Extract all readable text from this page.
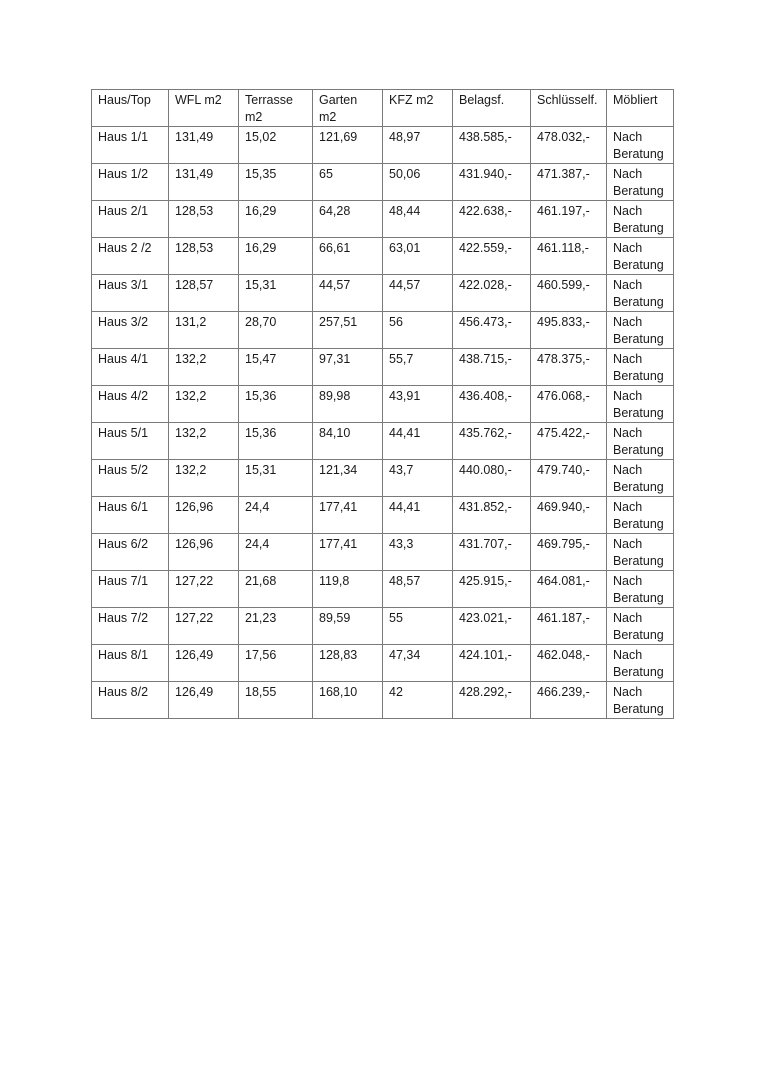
Haus/Top	WFL m2	Terrasse
m2	Garten
m2	KFZ m2	Belagsf.	Schlüsself.	Möbliert

Haus 1/1	131,49	15,02	121,69	48,97	438.585,-	478.032,-	Nach
Beratung

Haus 1/2	131,49	15,35	65	50,06	431.940,-	471.387,-	Nach
Beratung

Haus 2/1	128,53	16,29	64,28	48,44	422.638,-	461.197,-	Nach
Beratung

Haus 2 /2	128,53	16,29	66,61	63,01	422.559,-	461.118,-	Nach
Beratung

Haus 3/1	128,57	15,31	44,57	44,57	422.028,-	460.599,-	Nach
Beratung

Haus 3/2	131,2	28,70	257,51	56	456.473,-	495.833,-	Nach
Beratung

Haus 4/1	132,2	15,47	97,31	55,7	438.715,-	478.375,-	Nach
Beratung

Haus 4/2	132,2	15,36	89,98	43,91	436.408,-	476.068,-	Nach
Beratung

Haus 5/1	132,2	15,36	84,10	44,41	435.762,-	475.422,-	Nach
Beratung

Haus 5/2	132,2	15,31	121,34	43,7	440.080,-	479.740,-	Nach
Beratung

Haus 6/1	126,96	24,4	177,41	44,41	431.852,-	469.940,-	Nach
Beratung

Haus 6/2	126,96	24,4	177,41	43,3	431.707,-	469.795,-	Nach
Beratung

Haus 7/1	127,22	21,68	119,8	48,57	425.915,-	464.081,-	Nach
Beratung

Haus 7/2	127,22	21,23	89,59	55	423.021,-	461.187,-	Nach
Beratung

Haus 8/1	126,49	17,56	128,83	47,34	424.101,-	462.048,-	Nach
Beratung

Haus 8/2	126,49	18,55	168,10	42	428.292,-	466.239,-	Nach
Beratung
